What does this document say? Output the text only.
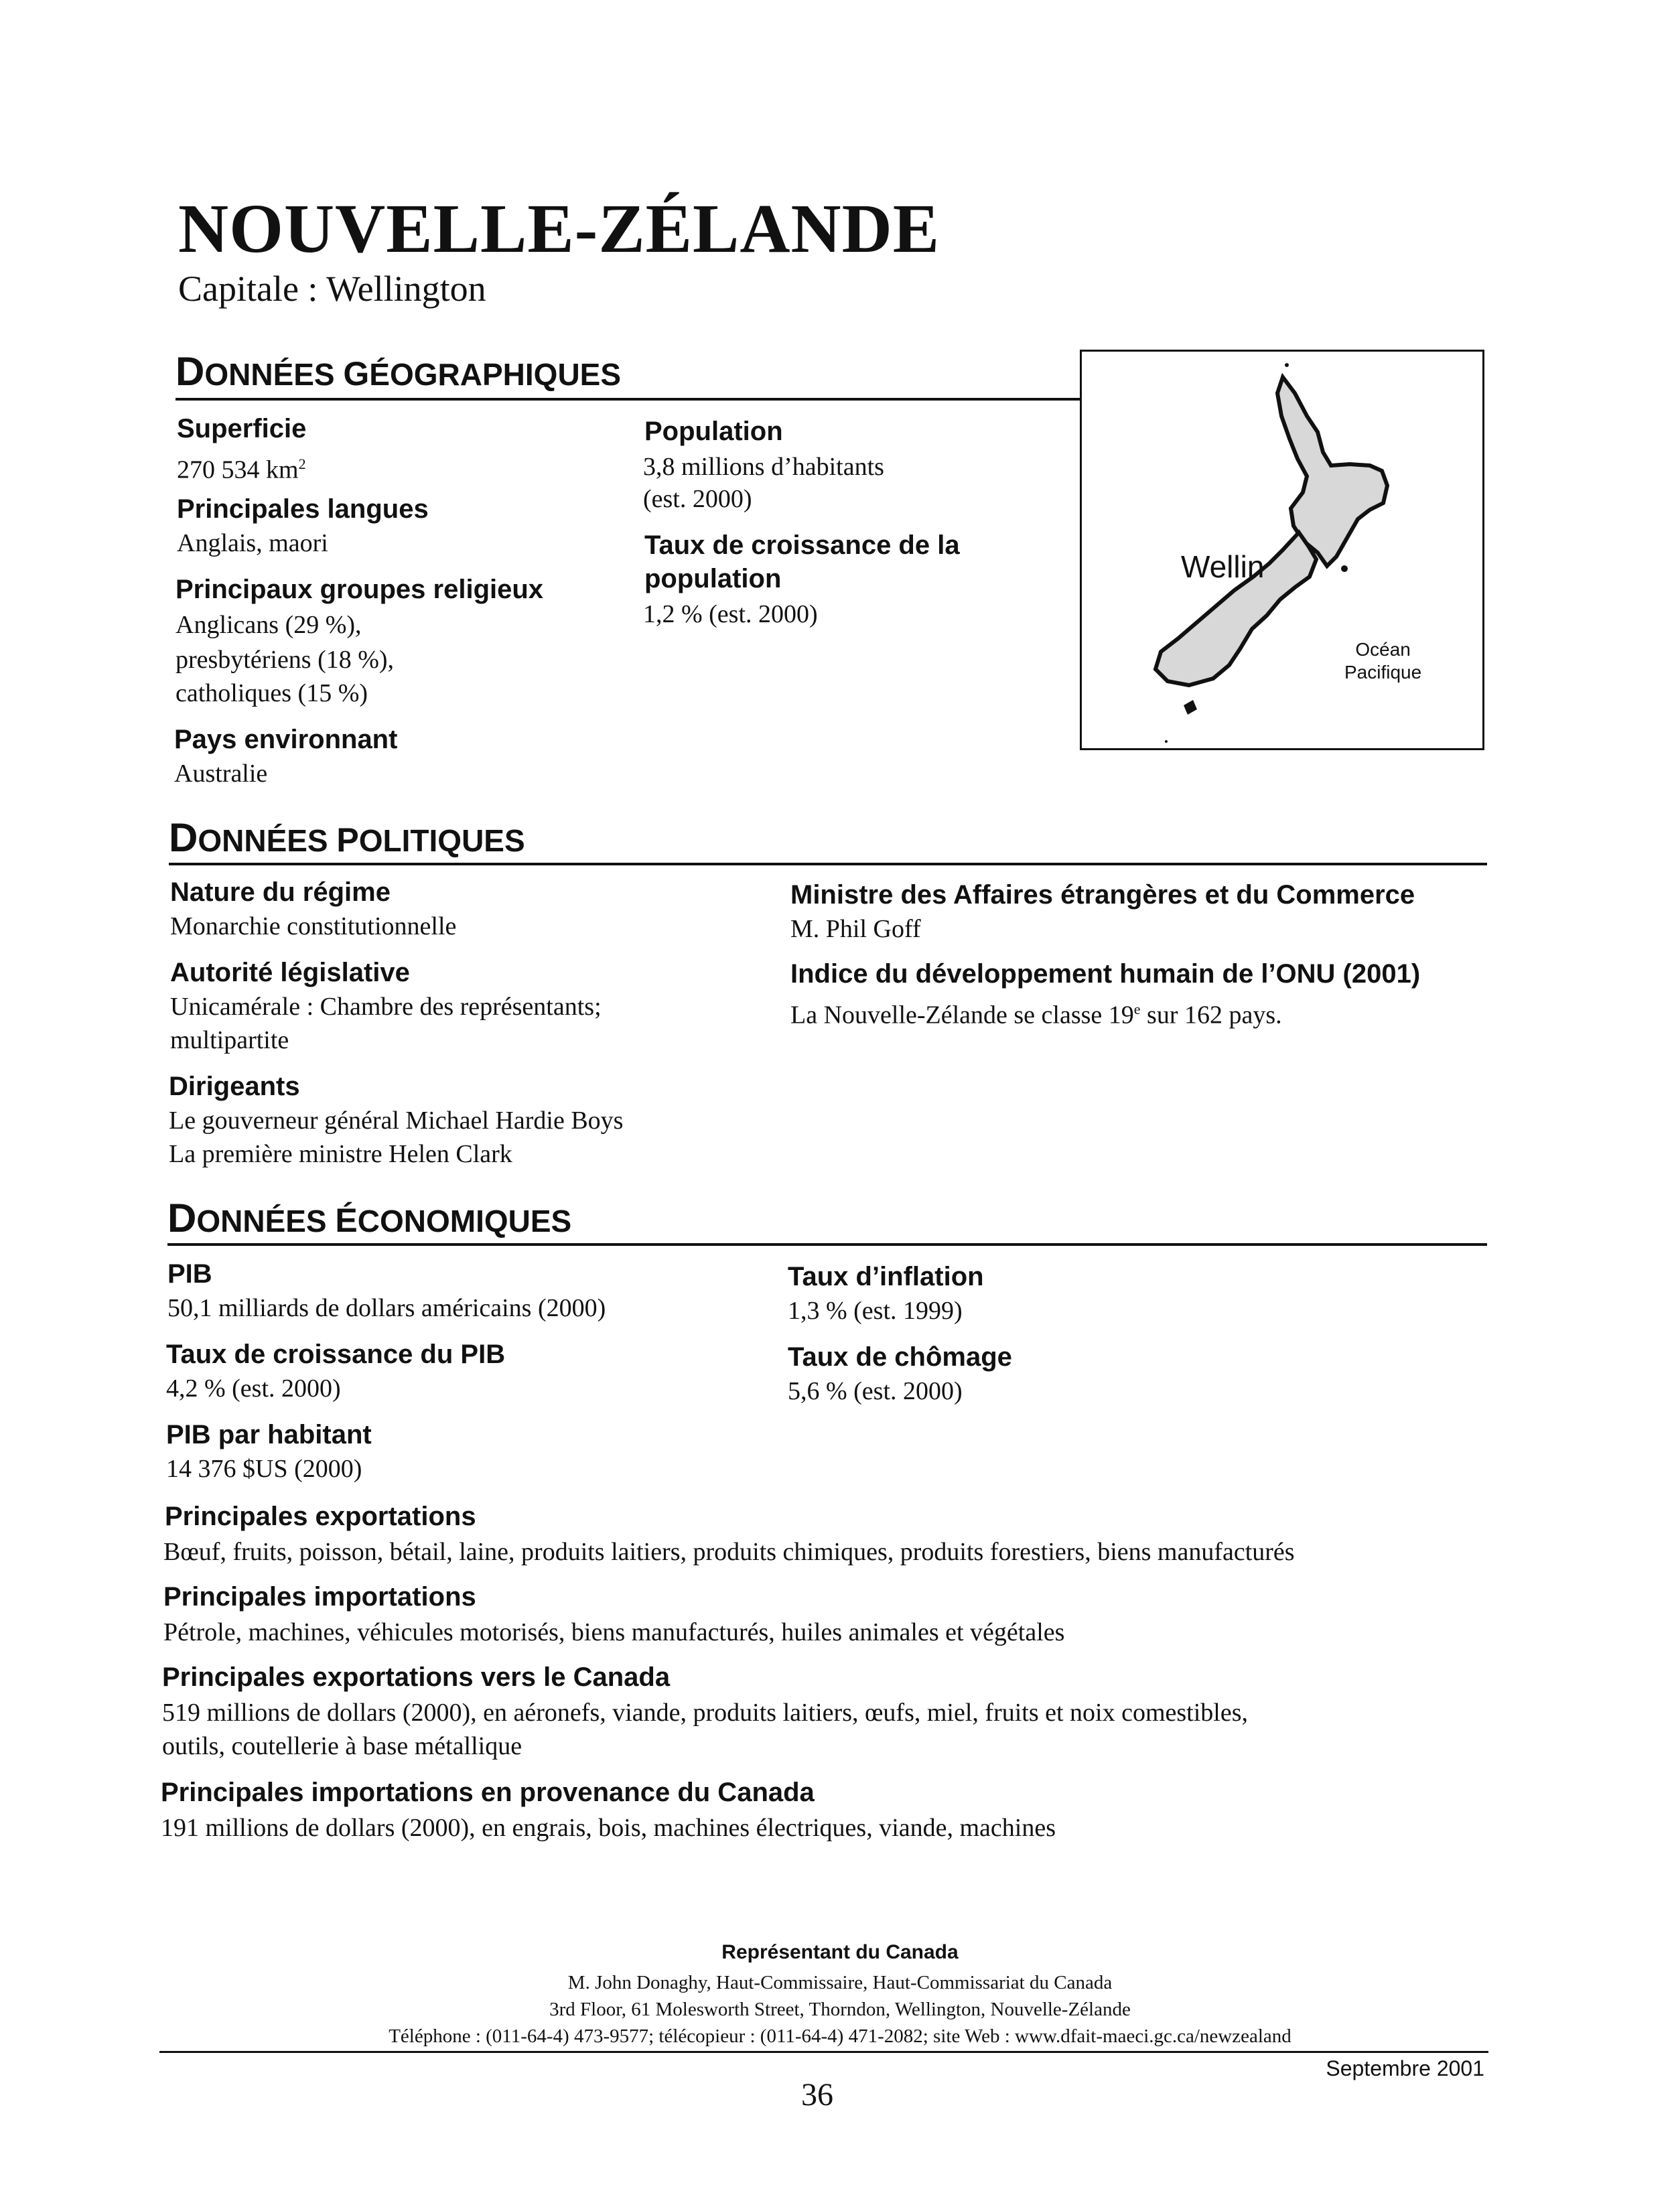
NOUVELLE-ZÉLANDE
Capitale : Wellington
DONNÉES GÉOGRAPHIQUES
Superficie
270 534 $km^2$
Principales langues
Anglais, maori
Principaux groupes religieux
Anglicans (29 %),
presbytériens (18 %),
catholiques (15 %)
Pays environnant
Australie
Population
3,8 millions d’habitants
(est. 2000)
Taux de croissance de la
population
1,2 % (est. 2000)
Wellin
Océan
Pacifique
DONNÉES POLITIQUES
Nature du régime
Monarchie constitutionnelle
Autorité législative
Unicamérale : Chambre des représentants;
multipartite
Dirigeants
Le gouverneur général Michael Hardie Boys
La première ministre Helen Clark
Ministre des Affaires étrangères et du Commerce
M. Phil Goff
Indice du développement humain de l’ONU (2001)
La Nouvelle-Zélande se classe 19e sur 162 pays.
DONNÉES ÉCONOMIQUES
PIB
50,1 milliards de dollars américains (2000)
Taux de croissance du PIB
4,2 % (est. 2000)
PIB par habitant
14 376 $US (2000)
Taux d’inflation
1,3 % (est. 1999)
Taux de chômage
5,6 % (est. 2000)
Principales exportations
Bœuf, fruits, poisson, bétail, laine, produits laitiers, produits chimiques, produits forestiers, biens manufacturés
Principales importations
Pétrole, machines, véhicules motorisés, biens manufacturés, huiles animales et végétales
Principales exportations vers le Canada
519 millions de dollars (2000), en aéronefs, viande, produits laitiers, œufs, miel, fruits et noix comestibles,
outils, coutellerie à base métallique
Principales importations en provenance du Canada
191 millions de dollars (2000), en engrais, bois, machines électriques, viande, machines
Représentant du Canada
M. John Donaghy, Haut-Commissaire, Haut-Commissariat du Canada
3rd Floor, 61 Molesworth Street, Thorndon, Wellington, Nouvelle-Zélande
Téléphone : (011-64-4) 473-9577; télécopieur : (011-64-4) 471-2082; site Web : www.dfait-maeci.gc.ca/newzealand
Septembre 2001
36
